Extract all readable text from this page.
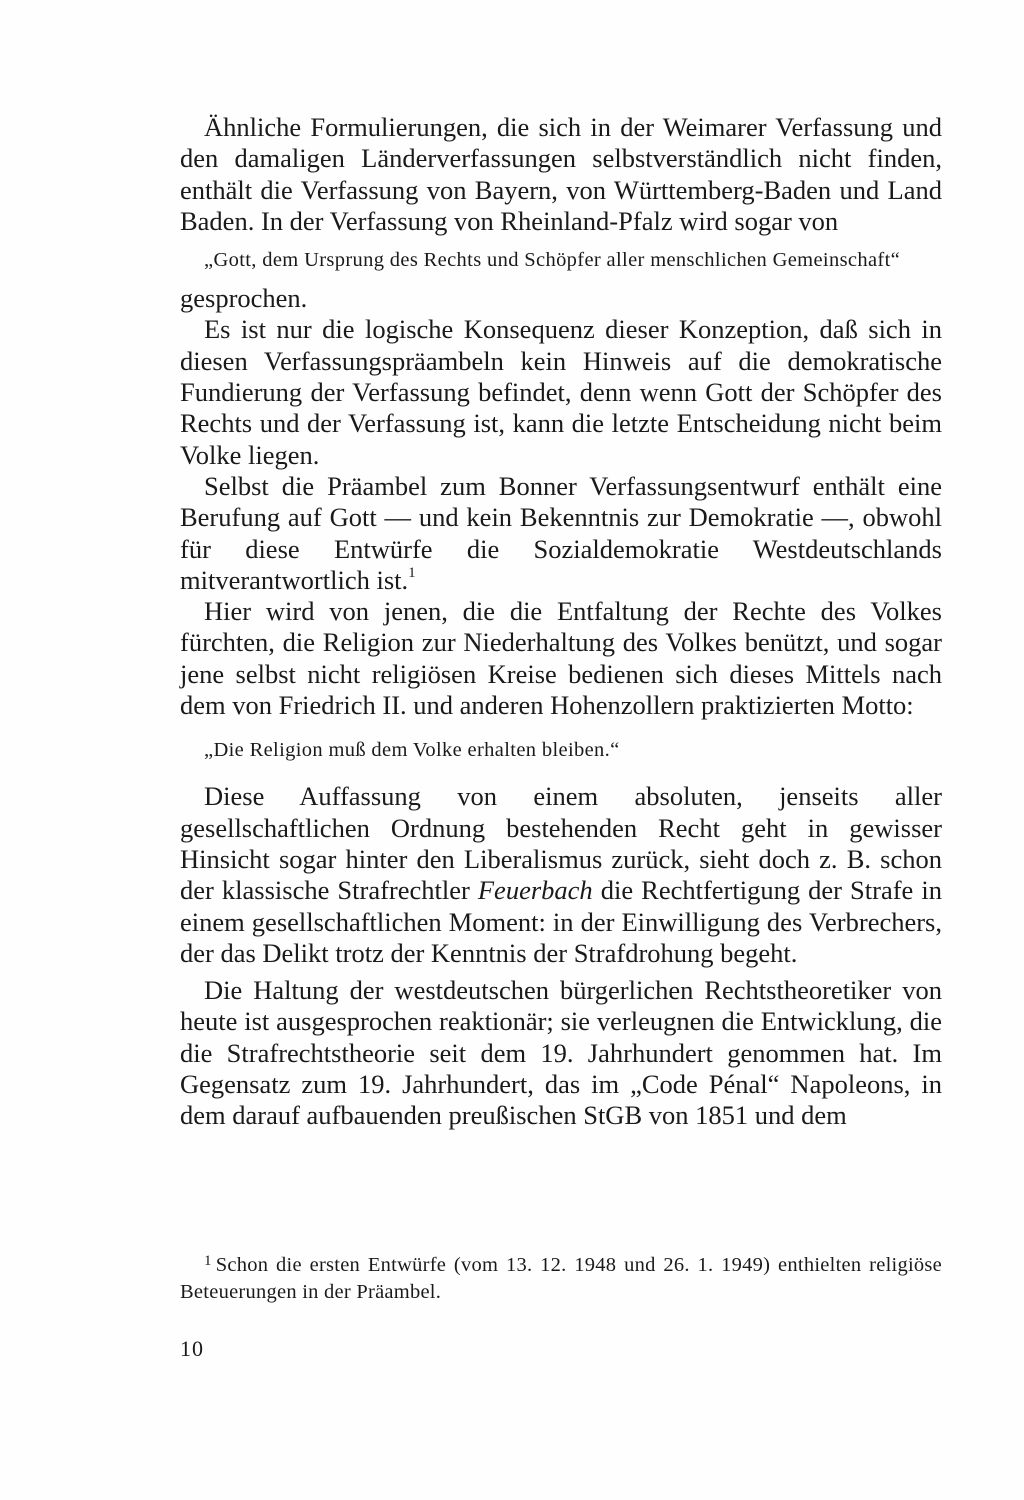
Ähnliche Formulierungen, die sich in der Weimarer Verfassung und den damaligen Länderverfassungen selbstverständlich nicht finden, enthält die Verfassung von Bayern, von Württemberg-Baden und Land Baden. In der Verfassung von Rheinland-Pfalz wird sogar von

„Gott, dem Ursprung des Rechts und Schöpfer aller menschlichen Gemeinschaft“

gesprochen.

Es ist nur die logische Konsequenz dieser Konzeption, daß sich in diesen Verfassungspräambeln kein Hinweis auf die demokratische Fundierung der Verfassung befindet, denn wenn Gott der Schöpfer des Rechts und der Verfassung ist, kann die letzte Entscheidung nicht beim Volke liegen.

Selbst die Präambel zum Bonner Verfassungsentwurf enthält eine Berufung auf Gott — und kein Bekenntnis zur Demokratie —, obwohl für diese Entwürfe die Sozialdemokratie Westdeutschlands mitverantwortlich ist.$^1$

Hier wird von jenen, die die Entfaltung der Rechte des Volkes fürchten, die Religion zur Niederhaltung des Volkes benützt, und sogar jene selbst nicht religiösen Kreise bedienen sich dieses Mittels nach dem von Friedrich II. und anderen Hohenzollern praktizierten Motto:

„Die Religion muß dem Volke erhalten bleiben.“

Diese Auffassung von einem absoluten, jenseits aller gesellschaftlichen Ordnung bestehenden Recht geht in gewisser Hinsicht sogar hinter den Liberalismus zurück, sieht doch z. B. schon der klassische Strafrechtler Feuerbach die Rechtfertigung der Strafe in einem gesellschaftlichen Moment: in der Einwilligung des Verbrechers, der das Delikt trotz der Kenntnis der Strafdrohung begeht.

Die Haltung der westdeutschen bürgerlichen Rechtstheoretiker von heute ist ausgesprochen reaktionär; sie verleugnen die Entwicklung, die die Strafrechtstheorie seit dem 19. Jahrhundert genommen hat. Im Gegensatz zum 19. Jahrhundert, das im „Code Pénal“ Napoleons, in dem darauf aufbauenden preußischen StGB von 1851 und dem

$^1$ Schon die ersten Entwürfe (vom 13. 12. 1948 und 26. 1. 1949) enthielten religiöse Beteuerungen in der Präambel.
10
